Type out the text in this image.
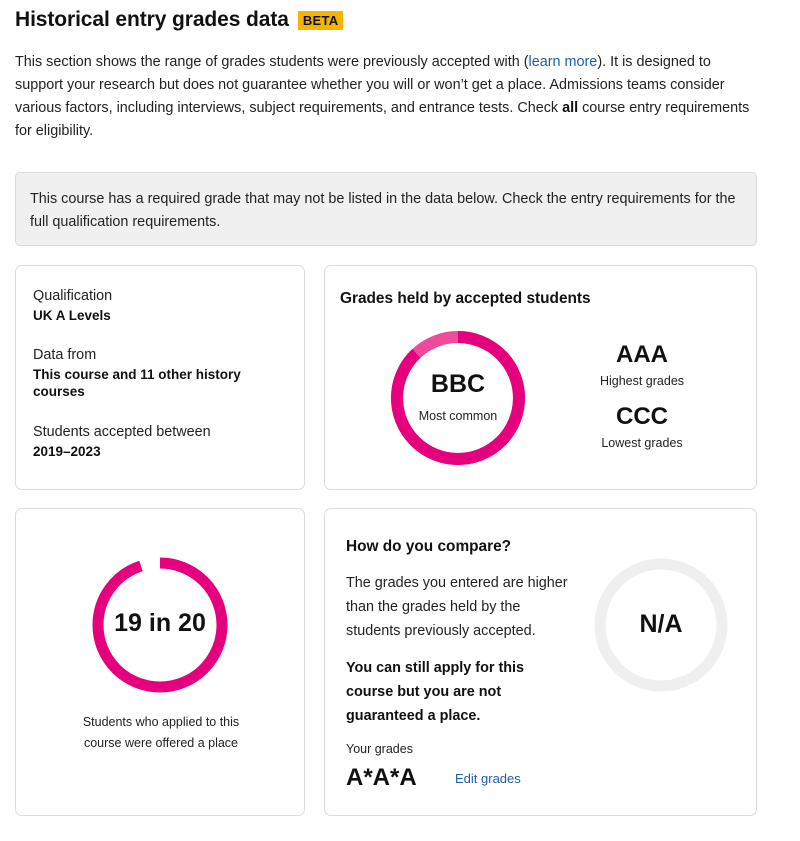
Historical entry grades data	BETA

This section shows the range of grades students were previously accepted with (learn more). It is designed to support your research but does not guarantee whether you will or won’t get a place. Admissions teams consider various factors, including interviews, subject requirements, and entrance tests. Check all course entry requirements for eligibility.

This course has a required grade that may not be listed in the data below. Check the entry requirements for the full qualification requirements.
Qualification
UK A Levels
Data from
This course and 11 other history courses
Students accepted between
2019–2023
Grades held by accepted students
BBC
Most common
AAA
Highest grades
CCC
Lowest grades
19 in 20
Students who applied to this course were offered a place
How do you compare?
The grades you entered are higher than the grades held by the students previously accepted.
You can still apply for this course but you are not guaranteed a place.
Your grades
A*A*A	Edit grades
N/A
